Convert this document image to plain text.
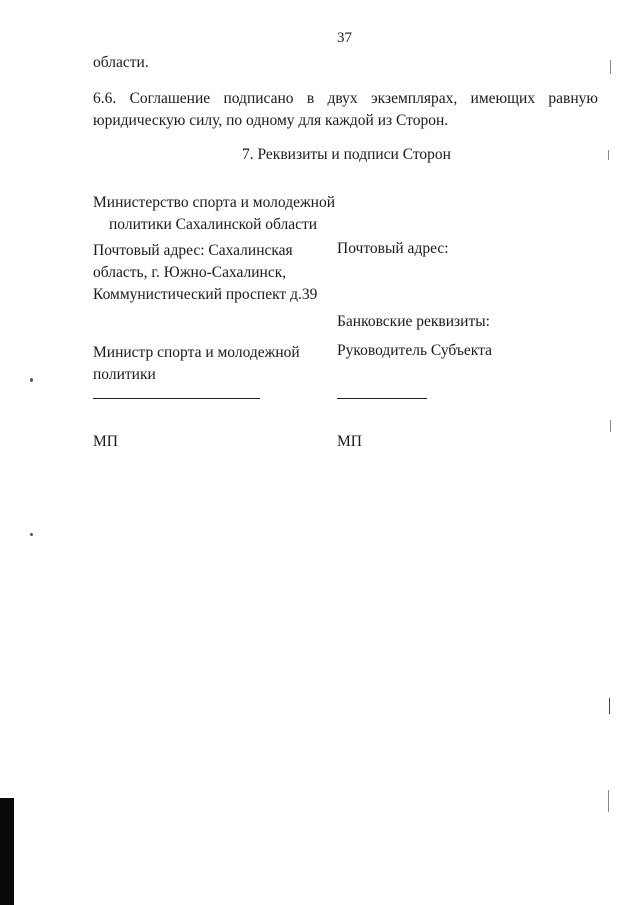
37
области.
6.6. Соглашение подписано в двух экземплярах, имеющих равную
юридическую силу, по одному для каждой из Сторон.
7. Реквизиты и подписи Сторон
Министерство спорта и молодежной
политики Сахалинской области
Почтовый адрес: Сахалинская
область, г. Южно-Сахалинск,
Коммунистический проспект д.39
Почтовый адрес:
Банковские реквизиты:
Министр спорта и молодежной
политики
Руководитель Субъекта
МП	МП
